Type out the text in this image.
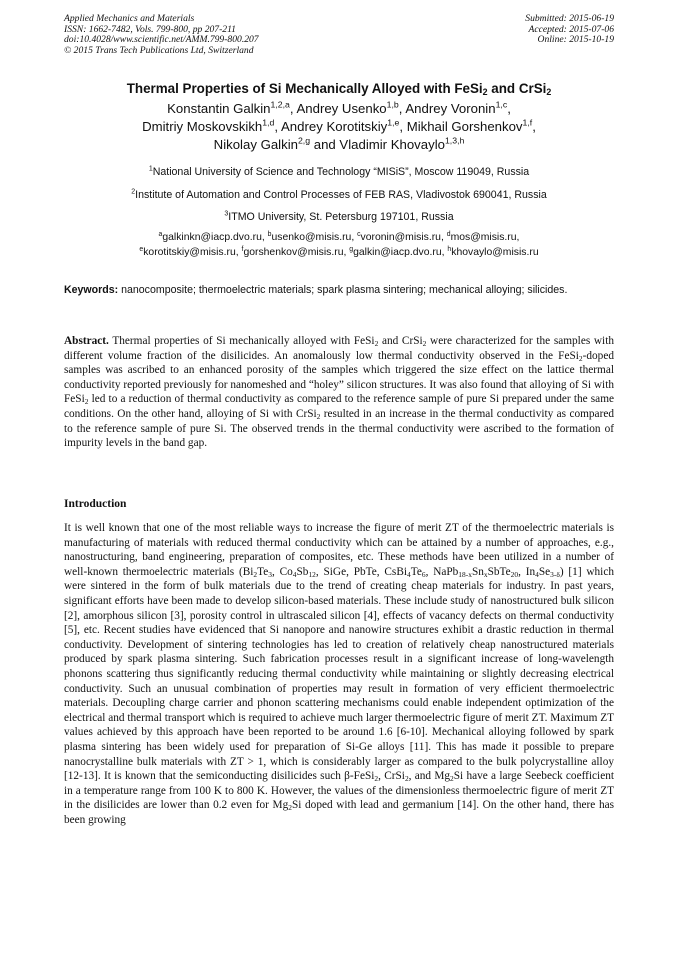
Applied Mechanics and Materials
ISSN: 1662-7482, Vols. 799-800, pp 207-211
doi:10.4028/www.scientific.net/AMM.799-800.207
© 2015 Trans Tech Publications Ltd, Switzerland
Submitted: 2015-06-19
Accepted: 2015-07-06
Online: 2015-10-19
Thermal Properties of Si Mechanically Alloyed with FeSi$_2$ and CrSi$_2$
Konstantin Galkin$^{1,2,a}$, Andrey Usenko$^{1,b}$, Andrey Voronin$^{1,c}$,
Dmitriy Moskovskikh$^{1,d}$, Andrey Korotitskiy$^{1,e}$, Mikhail Gorshenkov$^{1,f}$,
Nikolay Galkin$^{2,g}$ and Vladimir Khovaylo$^{1,3,h}$
$^1$National University of Science and Technology “MISiS”, Moscow 119049, Russia
$^2$Institute of Automation and Control Processes of FEB RAS, Vladivostok 690041, Russia
$^3$ITMO University, St. Petersburg 197101, Russia
$^a$galkinkn@iacp.dvo.ru, $^b$usenko@misis.ru, $^c$voronin@misis.ru, $^d$mos@misis.ru,
$^e$korotitskiy@misis.ru, $^f$gorshenkov@misis.ru, $^g$galkin@iacp.dvo.ru, $^h$khovaylo@misis.ru
Keywords: nanocomposite; thermoelectric materials; spark plasma sintering; mechanical alloying; silicides.

Abstract. Thermal properties of Si mechanically alloyed with FeSi$_2$ and CrSi$_2$ were characterized for the samples with different volume fraction of the disilicides. An anomalously low thermal conductivity observed in the FeSi$_2$-doped samples was ascribed to an enhanced porosity of the samples which triggered the size effect on the lattice thermal conductivity reported previously for nanomeshed and “holey” silicon structures. It was also found that alloying of Si with FeSi$_2$ led to a reduction of thermal conductivity as compared to the reference sample of pure Si prepared under the same conditions. On the other hand, alloying of Si with CrSi$_2$ resulted in an increase in the thermal conductivity as compared to the reference sample of pure Si. The observed trends in the thermal conductivity were ascribed to the formation of impurity levels in the band gap.

Introduction

It is well known that one of the most reliable ways to increase the figure of merit ZT of the thermoelectric materials is manufacturing of materials with reduced thermal conductivity which can be attained by a number of approaches, e.g., nanostructuring, band engineering, preparation of composites, etc. These methods have been utilized in a number of well-known thermoelectric materials ($Bi_2Te_3$, $Co_4Sb_{12}$, SiGe, PbTe, $CsBi_4Te_6$, $NaPb_{18-x}Sn_xSbTe_{20}$, $In_4Se_{3-\delta}$) [1] which were sintered in the form of bulk materials due to the trend of creating cheap materials for industry. In past years, significant efforts have been made to develop silicon-based materials. These include study of nanostructured bulk silicon [2], amorphous silicon [3], porosity control in ultrascaled silicon [4], effects of vacancy defects on thermal conductivity [5], etc. Recent studies have evidenced that Si nanopore and nanowire structures exhibit a drastic reduction in thermal conductivity. Development of sintering technologies has led to creation of relatively cheap nanostructured materials produced by spark plasma sintering. Such fabrication processes result in a significant increase of long-wavelength phonons scattering thus significantly reducing thermal conductivity while maintaining or slightly decreasing electrical conductivity. Such an unusual combination of properties may result in formation of very efficient thermoelectric materials. Decoupling charge carrier and phonon scattering mechanisms could enable independent optimization of the electrical and thermal transport which is required to achieve much larger thermoelectric figure of merit ZT. Maximum ZT values achieved by this approach have been reported to be around 1.6 [6-10]. Mechanical alloying followed by spark plasma sintering has been widely used for preparation of Si-Ge alloys [11]. This has made it possible to prepare nanocrystalline bulk materials with ZT > 1, which is considerably larger as compared to the bulk polycrystalline alloy [12-13]. It is known that the semiconducting disilicides such β-FeSi$_2$, CrSi$_2$, and $Mg_2Si$ have a large Seebeck coefficient in a temperature range from 100 K to 800 K. However, the values of the dimensionless thermoelectric figure of merit ZT in the disilicides are lower than 0.2 even for $Mg_2Si$ doped with lead and germanium [14]. On the other hand, there has been growing
